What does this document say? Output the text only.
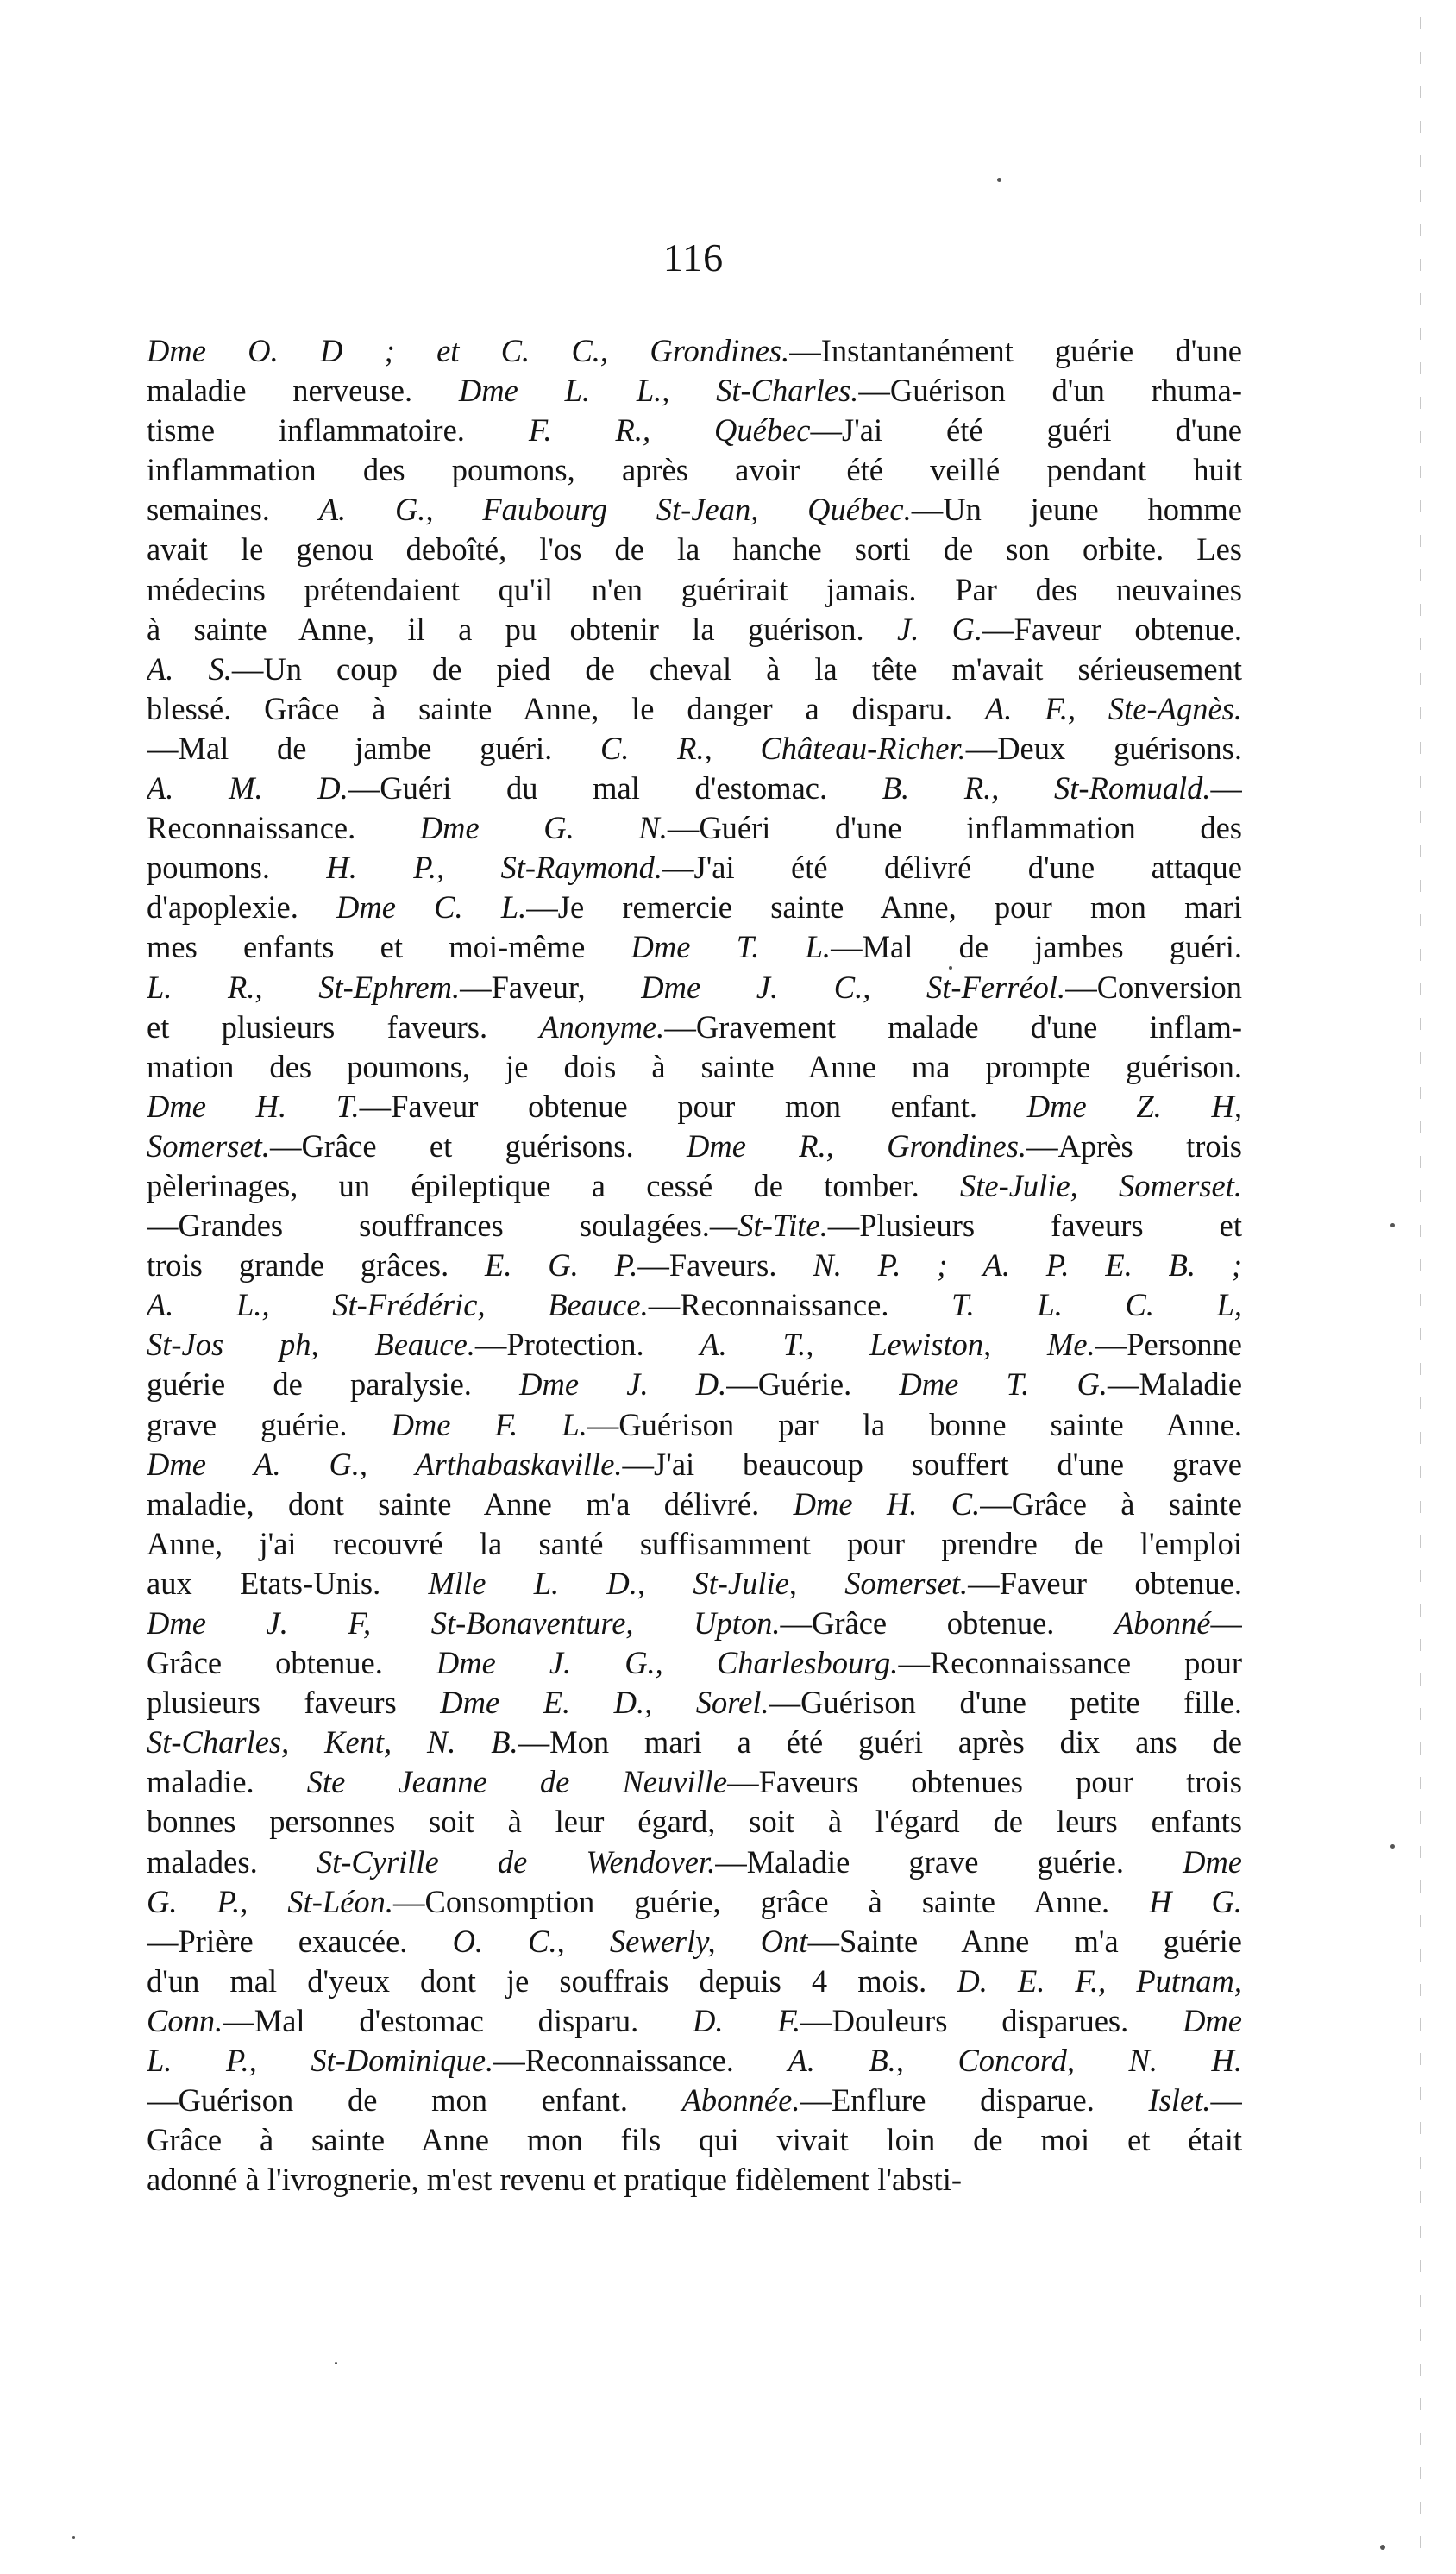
116
Dme O. D ; et C. C., Grondines.—Instantanément guérie d'une
maladie nerveuse. Dme L. L., St-Charles.—Guérison d'un rhuma-
tisme inflammatoire. F. R., Québec—J'ai été guéri d'une
inflammation des poumons, après avoir été veillé pendant huit
semaines. A. G., Faubourg St-Jean, Québec.—Un jeune homme
avait le genou deboîté, l'os de la hanche sorti de son orbite. Les
médecins prétendaient qu'il n'en guérirait jamais. Par des neuvaines
à sainte Anne, il a pu obtenir la guérison. J. G.—Faveur obtenue.
A. S.—Un coup de pied de cheval à la tête m'avait sérieusement
blessé. Grâce à sainte Anne, le danger a disparu. A. F., Ste-Agnès.
—Mal de jambe guéri. C. R., Château-Richer.—Deux guérisons.
A. M. D.—Guéri du mal d'estomac. B. R., St-Romuald.—
Reconnaissance. Dme G. N.—Guéri d'une inflammation des
poumons. H. P., St-Raymond.—J'ai été délivré d'une attaque
d'apoplexie. Dme C. L.—Je remercie sainte Anne, pour mon mari
mes enfants et moi-même Dme T. L.—Mal de jambes guéri.
L. R., St-Ephrem.—Faveur, Dme J. C., St-Ferréol.—Conversion
et plusieurs faveurs. Anonyme.—Gravement malade d'une inflam-
mation des poumons, je dois à sainte Anne ma prompte guérison.
Dme H. T.—Faveur obtenue pour mon enfant. Dme Z. H,
Somerset.—Grâce et guérisons. Dme R., Grondines.—Après trois
pèlerinages, un épileptique a cessé de tomber. Ste-Julie, Somerset.
—Grandes souffrances soulagées.—St-Tite.—Plusieurs faveurs et
trois grande grâces. E. G. P.—Faveurs. N. P. ; A. P. E. B. ;
A. L., St-Frédéric, Beauce.—Reconnaissance. T. L. C. L,
St-Jos ph, Beauce.—Protection. A. T., Lewiston, Me.—Personne
guérie de paralysie. Dme J. D.—Guérie. Dme T. G.—Maladie
grave guérie. Dme F. L.—Guérison par la bonne sainte Anne.
Dme A. G., Arthabaskaville.—J'ai beaucoup souffert d'une grave
maladie, dont sainte Anne m'a délivré. Dme H. C.—Grâce à sainte
Anne, j'ai recouvré la santé suffisamment pour prendre de l'emploi
aux Etats-Unis. Mlle L. D., St-Julie, Somerset.—Faveur obtenue.
Dme J. F, St-Bonaventure, Upton.—Grâce obtenue. Abonné—
Grâce obtenue. Dme J. G., Charlesbourg.—Reconnaissance pour
plusieurs faveurs Dme E. D., Sorel.—Guérison d'une petite fille.
St-Charles, Kent, N. B.—Mon mari a été guéri après dix ans de
maladie. Ste Jeanne de Neuville—Faveurs obtenues pour trois
bonnes personnes soit à leur égard, soit à l'égard de leurs enfants
malades. St-Cyrille de Wendover.—Maladie grave guérie. Dme
G. P., St-Léon.—Consomption guérie, grâce à sainte Anne. H G.
—Prière exaucée. O. C., Sewerly, Ont—Sainte Anne m'a guérie
d'un mal d'yeux dont je souffrais depuis 4 mois. D. E. F., Putnam,
Conn.—Mal d'estomac disparu. D. F.—Douleurs disparues. Dme
L. P., St-Dominique.—Reconnaissance. A. B., Concord, N. H.
—Guérison de mon enfant. Abonnée.—Enflure disparue. Islet.—
Grâce à sainte Anne mon fils qui vivait loin de moi et était
adonné à l'ivrognerie, m'est revenu et pratique fidèlement l'absti-
